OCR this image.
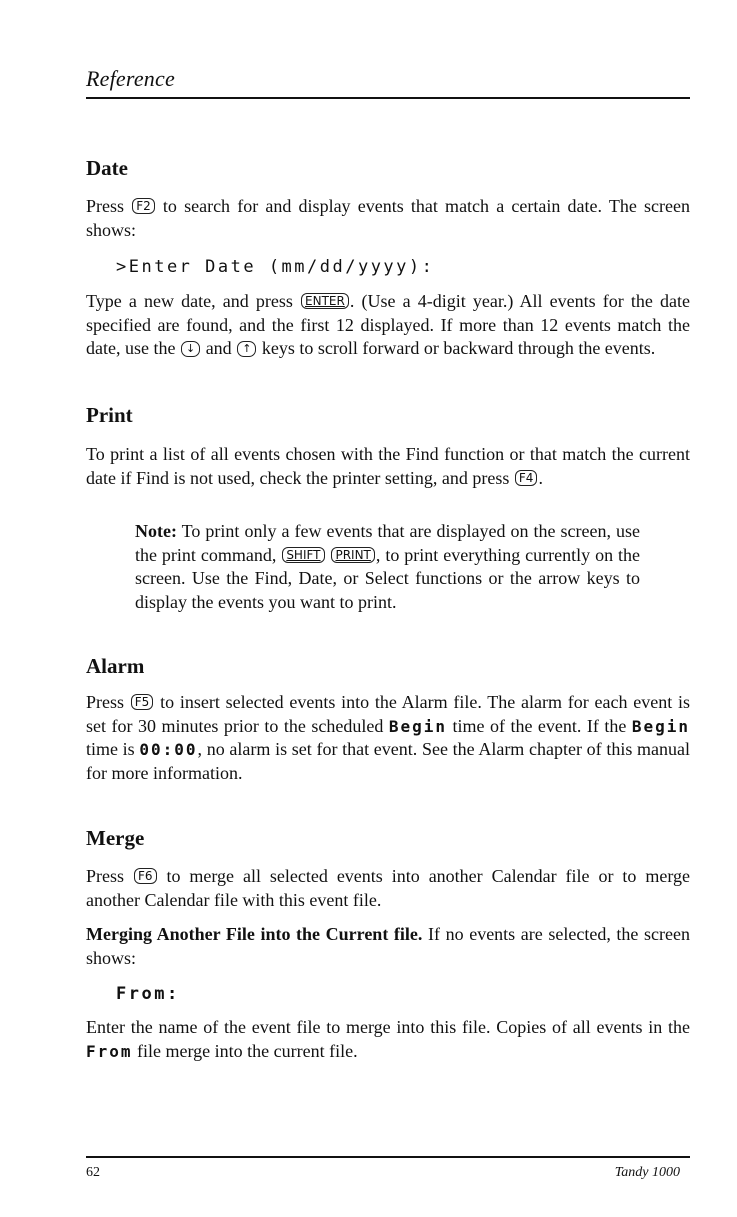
Reference
Date

Press F2 to search for and display events that match a certain date. The screen shows:

>Enter Date (mm/dd/yyyy):

Type a new date, and press ENTER . (Use a 4-digit year.) All events for the date specified are found, and the first 12 displayed. If more than 12 events match the date, use the ↓ and ↑ keys to scroll forward or backward through the events.

Print

To print a list of all events chosen with the Find function or that match the current date if Find is not used, check the printer setting, and press F4 .

Note: To print only a few events that are displayed on the screen, use the print command, SHIFT PRINT , to print everything currently on the screen. Use the Find, Date, or Select functions or the arrow keys to display the events you want to print.

Alarm

Press F5 to insert selected events into the Alarm file. The alarm for each event is set for 30 minutes prior to the scheduled Begin time of the event. If the Begin time is 00:00, no alarm is set for that event. See the Alarm chapter of this manual for more information.

Merge

Press F6 to merge all selected events into another Calendar file or to merge another Calendar file with this event file.

Merging Another File into the Current file. If no events are selected, the screen shows:

From:

Enter the name of the event file to merge into this file. Copies of all events in the From file merge into the current file.

62	Tandy 1000
